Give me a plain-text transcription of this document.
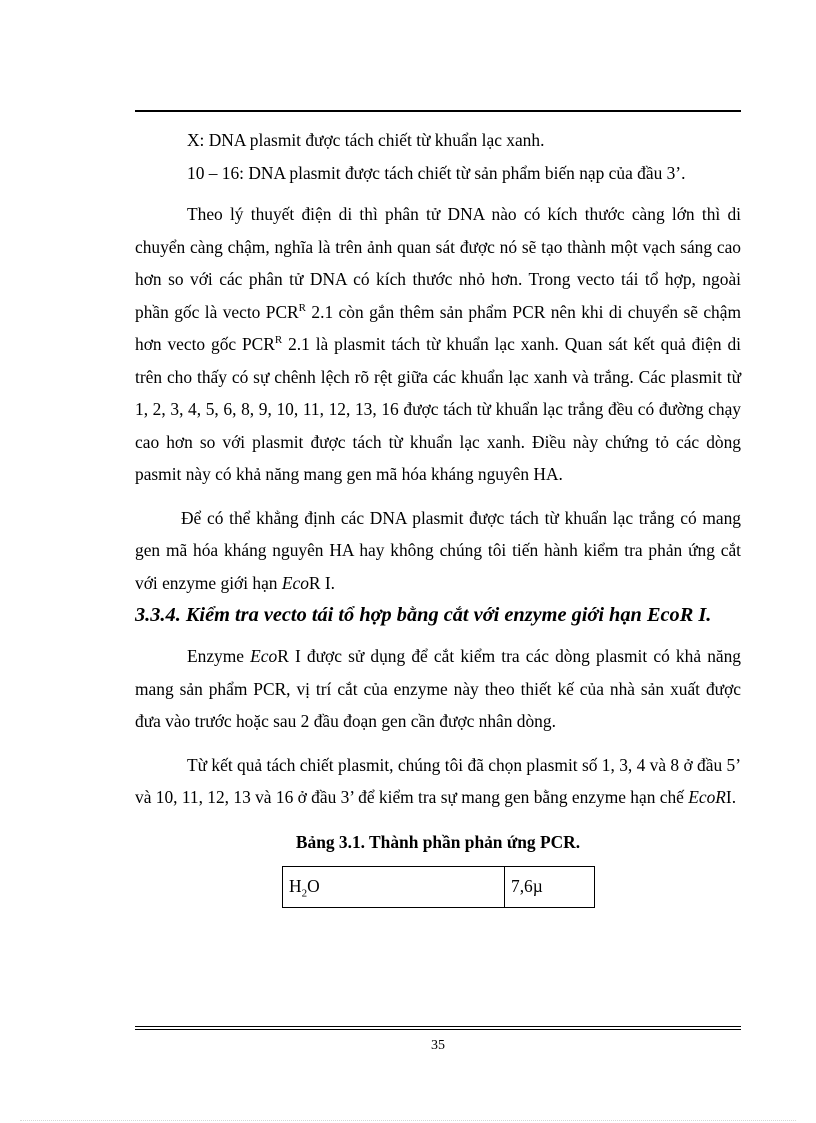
X: DNA plasmit được tách chiết từ khuẩn lạc xanh.

10 – 16: DNA plasmit được tách chiết từ sản phẩm biến nạp của đầu 3’.

Theo lý thuyết điện di thì phân tử DNA nào có kích thước càng lớn thì di chuyển càng chậm, nghĩa là trên ảnh quan sát được nó sẽ tạo thành một vạch sáng cao hơn so với các phân tử DNA có kích thước nhỏ hơn. Trong vecto tái tổ hợp, ngoài phần gốc là vecto $PCR^R$ 2.1 còn gắn thêm sản phẩm PCR nên khi di chuyển sẽ chậm hơn vecto gốc $PCR^R$ 2.1 là plasmit tách từ khuẩn lạc xanh. Quan sát kết quả điện di trên cho thấy có sự chênh lệch rõ rệt giữa các khuẩn lạc xanh và trắng. Các plasmit từ 1, 2, 3, 4, 5, 6, 8, 9, 10, 11, 12, 13, 16 được tách từ khuẩn lạc trắng đều có đường chạy cao hơn so với plasmit được tách từ khuẩn lạc xanh. Điều này chứng tỏ các dòng pasmit này có khả năng mang gen mã hóa kháng nguyên HA.

Để có thể khẳng định các DNA plasmit được tách từ khuẩn lạc trắng có mang gen mã hóa kháng nguyên HA hay không chúng tôi tiến hành kiểm tra phản ứng cắt với enzyme giới hạn EcoR I.

3.3.4. Kiểm tra vecto tái tổ hợp bằng cắt với enzyme giới hạn EcoR I.

Enzyme EcoR I được sử dụng để cắt kiểm tra các dòng plasmit có khả năng mang sản phẩm PCR, vị trí cắt của enzyme này theo thiết kế của nhà sản xuất được đưa vào trước hoặc sau 2 đầu đoạn gen cần được nhân dòng.

Từ kết quả tách chiết plasmit, chúng tôi đã chọn plasmit số 1, 3, 4 và 8 ở đầu 5’ và 10, 11, 12, 13 và 16 ở đầu 3’ để kiểm tra sự mang gen bằng enzyme hạn chế EcoRI.

Bảng 3.1. Thành phần phản ứng PCR.

$H_2O$	7,6µ
35
